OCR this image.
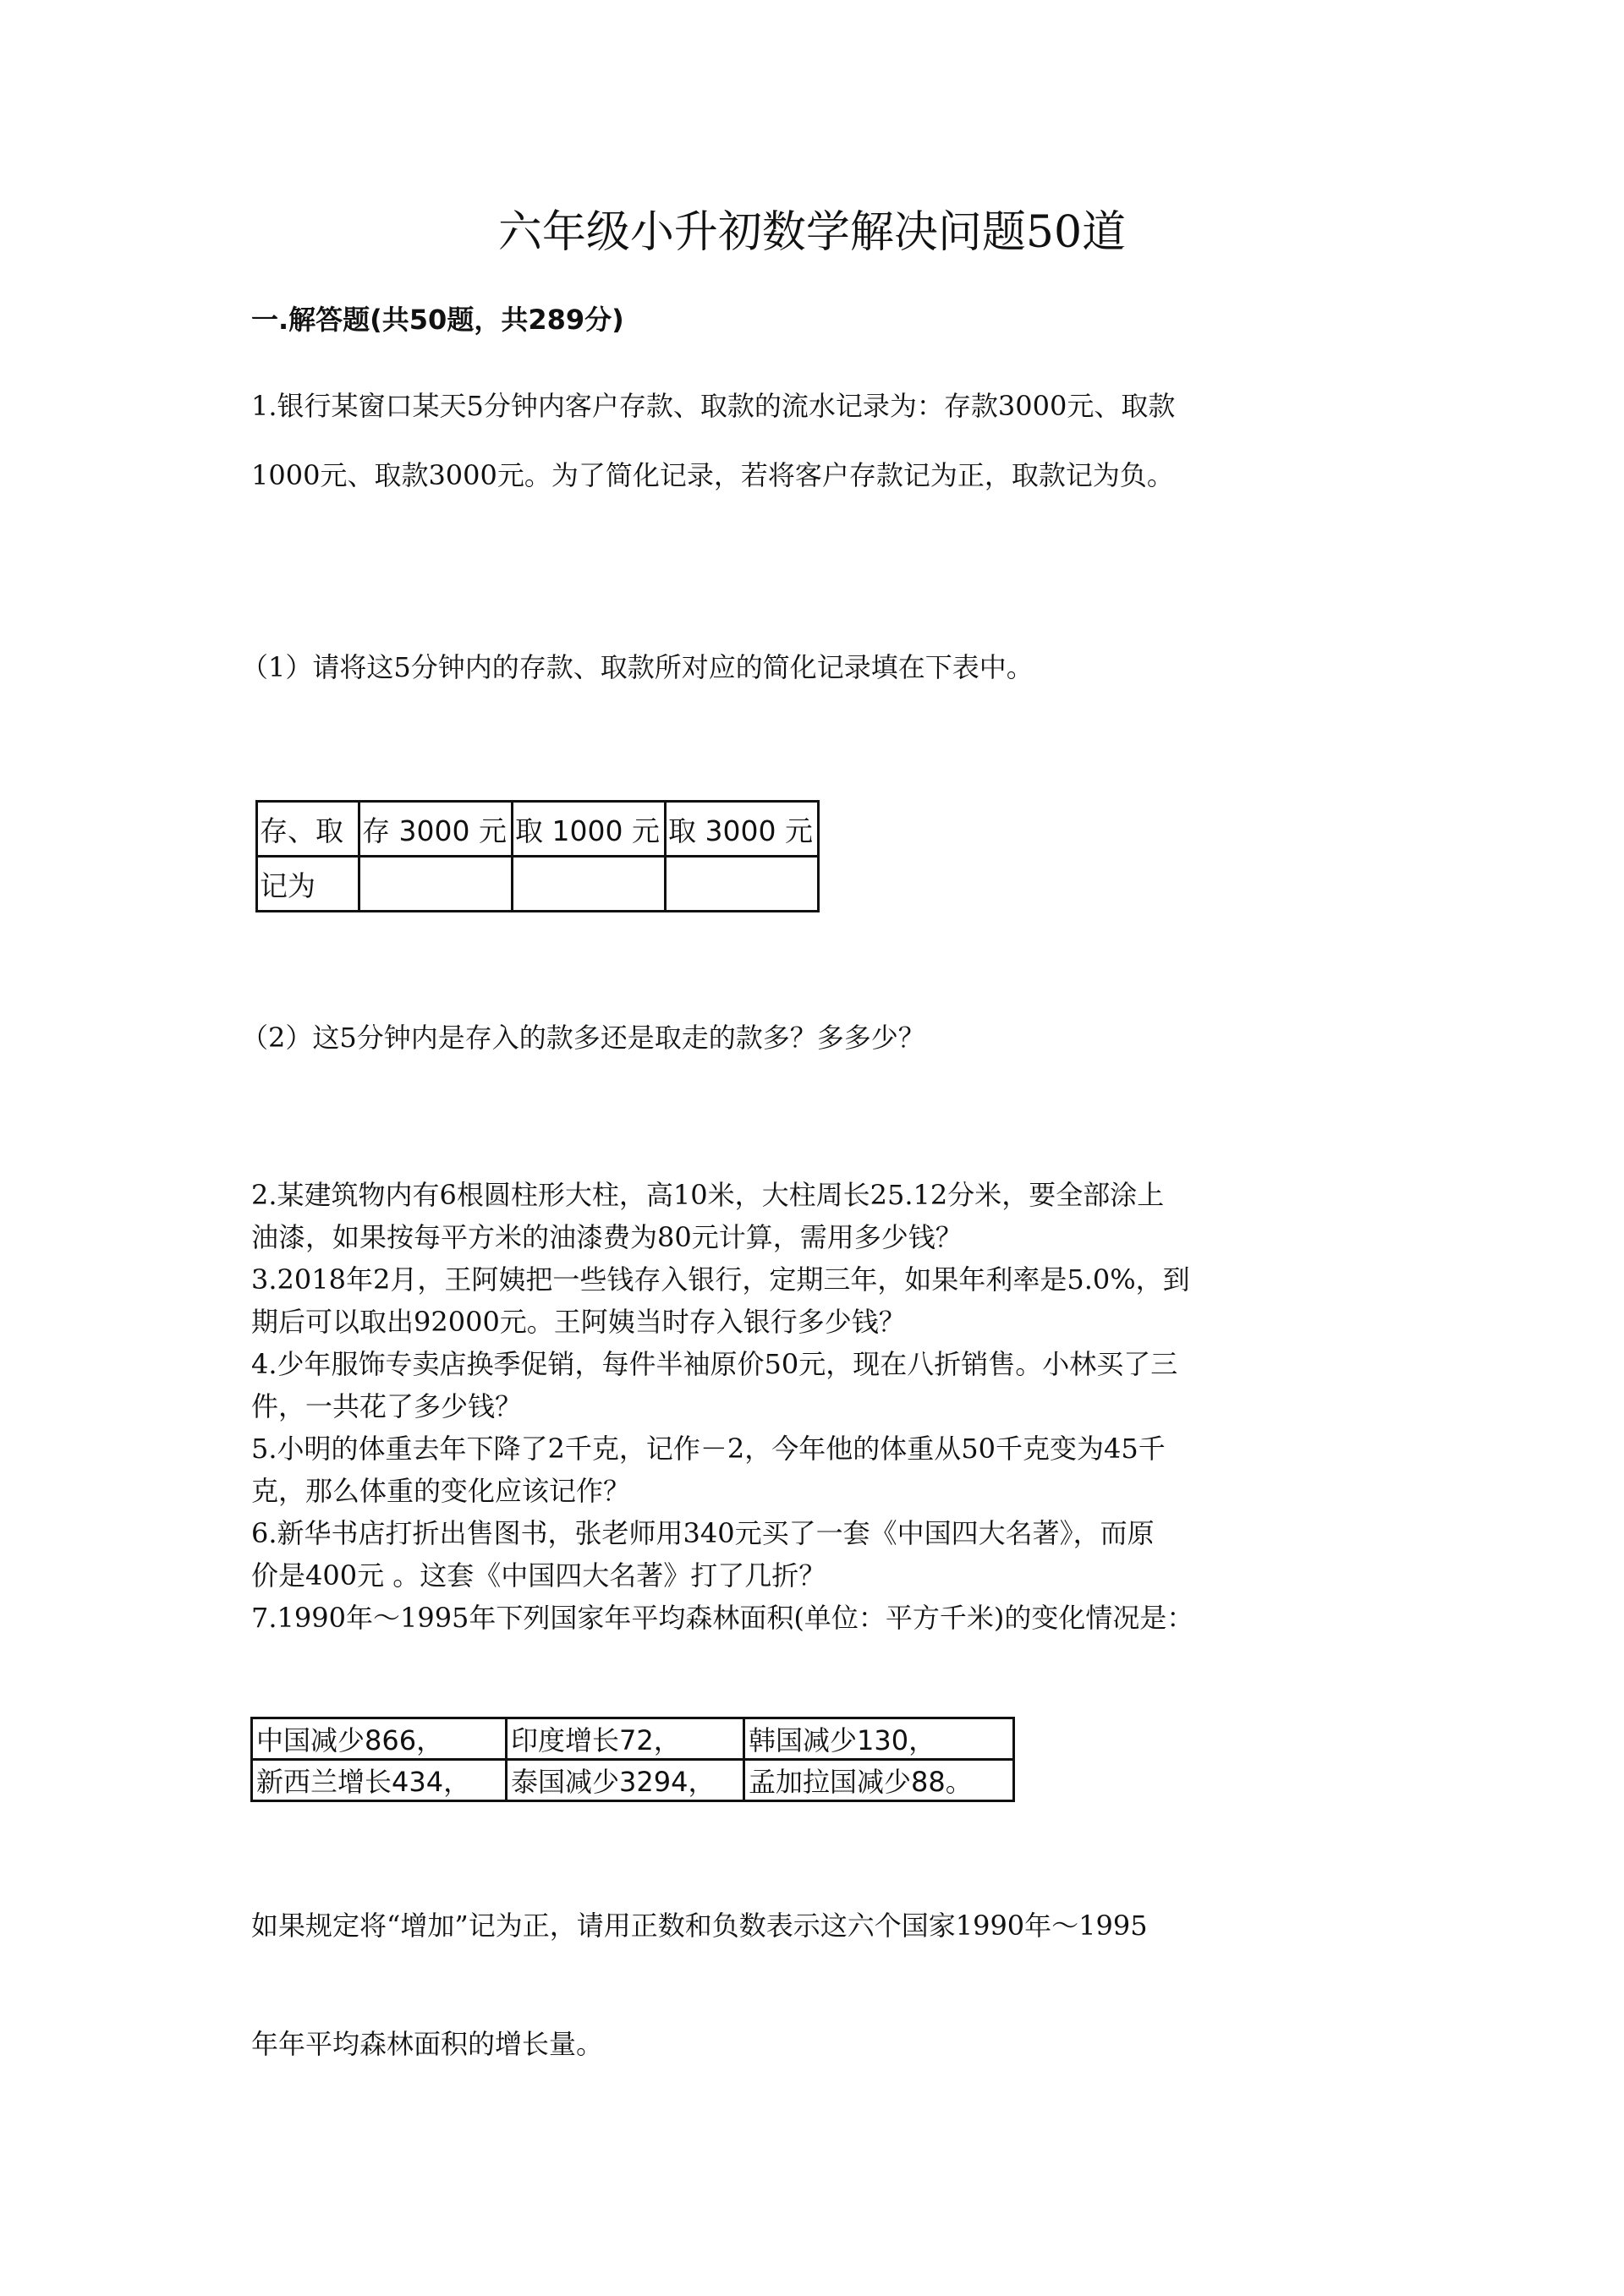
六年级小升初数学解决问题50道
一.解答题(共50题，共289分)
1.银行某窗口某天5分钟内客户存款、取款的流水记录为：存款3000元、取款
1000元、取款3000元。为了简化记录，若将客户存款记为正，取款记为负。
（1）请将这5分钟内的存款、取款所对应的简化记录填在下表中。
存、取	存 3000 元	取 1000 元	取 3000 元
记为			
（2）这5分钟内是存入的款多还是取走的款多？多多少？
2.某建筑物内有6根圆柱形大柱，高10米，大柱周长25.12分米，要全部涂上
油漆，如果按每平方米的油漆费为80元计算，需用多少钱？
3.2018年2月，王阿姨把一些钱存入银行，定期三年，如果年利率是5.0%，到
期后可以取出92000元。王阿姨当时存入银行多少钱？
4.少年服饰专卖店换季促销，每件半袖原价50元，现在八折销售。小林买了三
件，一共花了多少钱？
5.小明的体重去年下降了2千克，记作－2，今年他的体重从50千克变为45千
克，那么体重的变化应该记作？
6.新华书店打折出售图书，张老师用340元买了一套《中国四大名著》，而原
价是400元 。这套《中国四大名著》打了几折？
7.1990年～1995年下列国家年平均森林面积(单位：平方千米)的变化情况是：
中国减少866，	印度增长72，	韩国减少130，
新西兰增长434，	泰国减少3294，	孟加拉国减少88。
如果规定将“增加”记为正，请用正数和负数表示这六个国家1990年～1995
年年平均森林面积的增长量。
